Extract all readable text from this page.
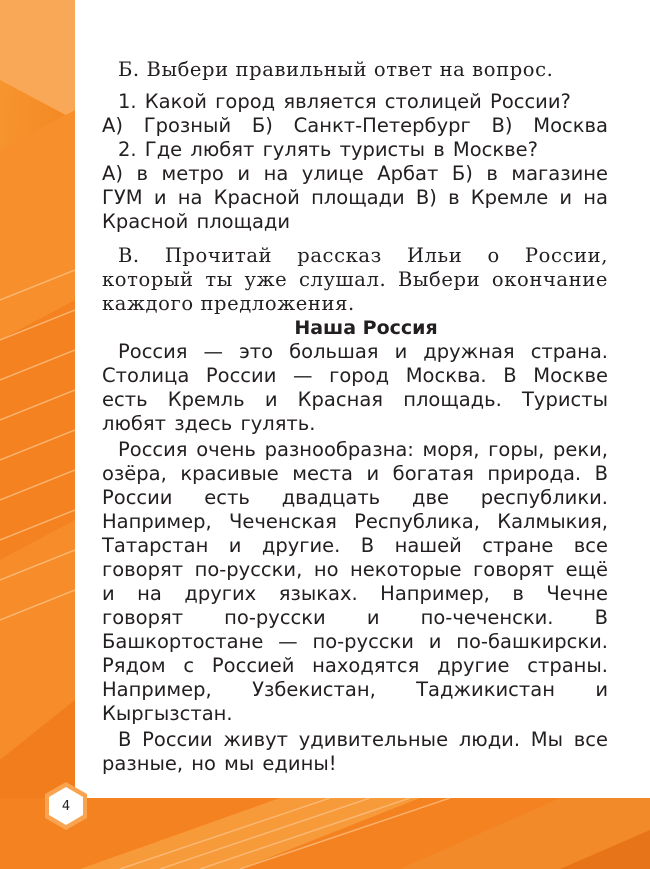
Б. Выбери правильный ответ на вопрос.

1. Какой город является столицей России?

А) Грозный Б) Санкт-Петербург В) Москва

2. Где любят гулять туристы в Москве?

А) в метро и на улице Арбат Б) в магазине ГУМ и на Красной площади В) в Кремле и на Красной площади

В. Прочитай рассказ Ильи о России, который ты уже слушал. Выбери окончание каждого предложения.

Наша Россия

Россия — это большая и дружная страна. Столица России — город Москва. В Москве есть Кремль и Красная площадь. Туристы любят здесь гулять.

Россия очень разнообразна: моря, горы, реки, озёра, красивые места и богатая природа. В России есть двадцать две республики. Например, Чеченская Республика, Калмыкия, Татарстан и другие. В нашей стране все говорят по-русски, но некоторые говорят ещё и на других языках. Например, в Чечне говорят по-русски и по-чеченски. В Башкортостане — по-русски и по-башкирски. Рядом с Россией находятся другие страны. Например, Узбекистан, Таджикистан и Кыргызстан.

В России живут удивительные люди. Мы все разные, но мы едины!

4
